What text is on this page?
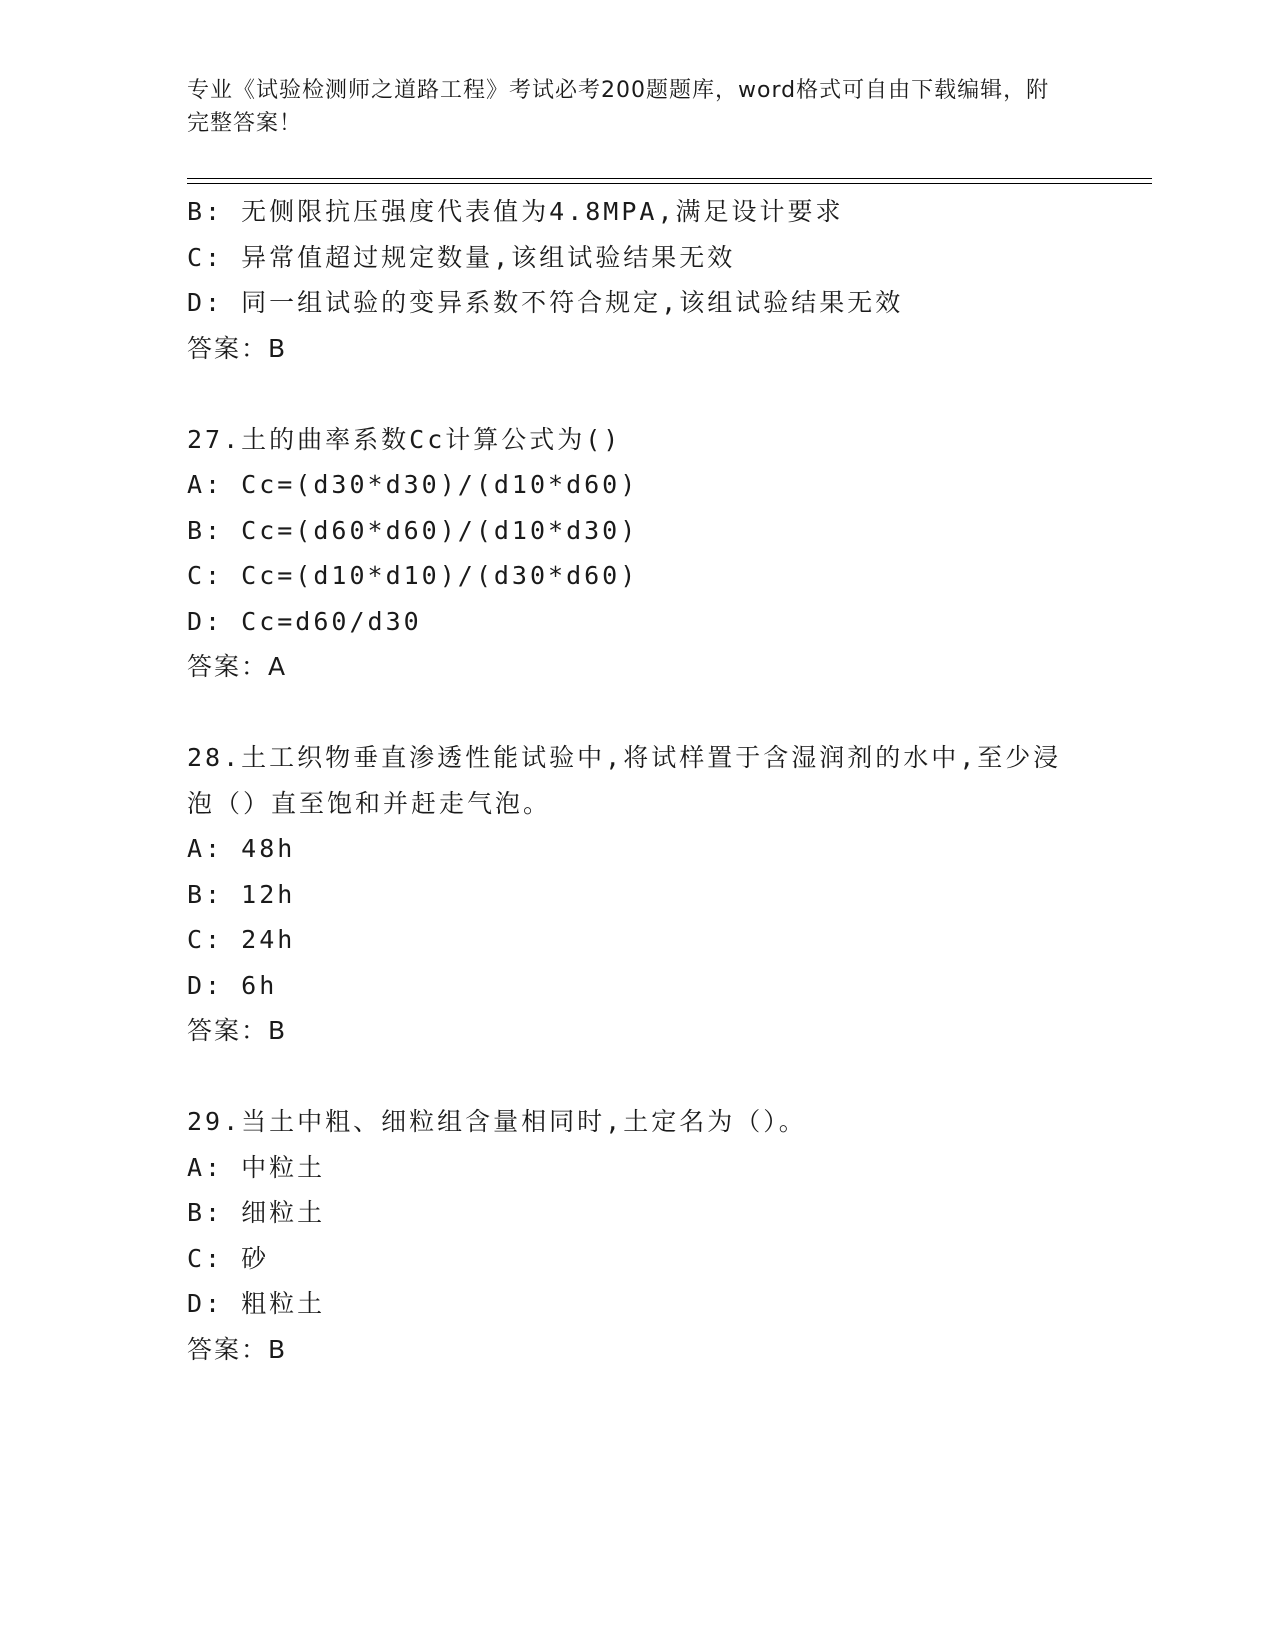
专业《试验检测师之道路工程》考试必考200题题库，word格式可自由下载编辑，附完整答案！
B: 无侧限抗压强度代表值为4.8MPA,满足设计要求
C: 异常值超过规定数量,该组试验结果无效
D: 同一组试验的变异系数不符合规定,该组试验结果无效
答案：B
27.土的曲率系数Cc计算公式为()
A: Cc=(d30*d30)/(d10*d60)
B: Cc=(d60*d60)/(d10*d30)
C: Cc=(d10*d10)/(d30*d60)
D: Cc=d60/d30
答案：A
28.土工织物垂直渗透性能试验中,将试样置于含湿润剂的水中,至少浸泡（）直至饱和并赶走气泡。
A: 48h
B: 12h
C: 24h
D: 6h
答案：B
29.当土中粗、细粒组含量相同时,土定名为（）。
A: 中粒土
B: 细粒土
C: 砂
D: 粗粒土
答案：B
